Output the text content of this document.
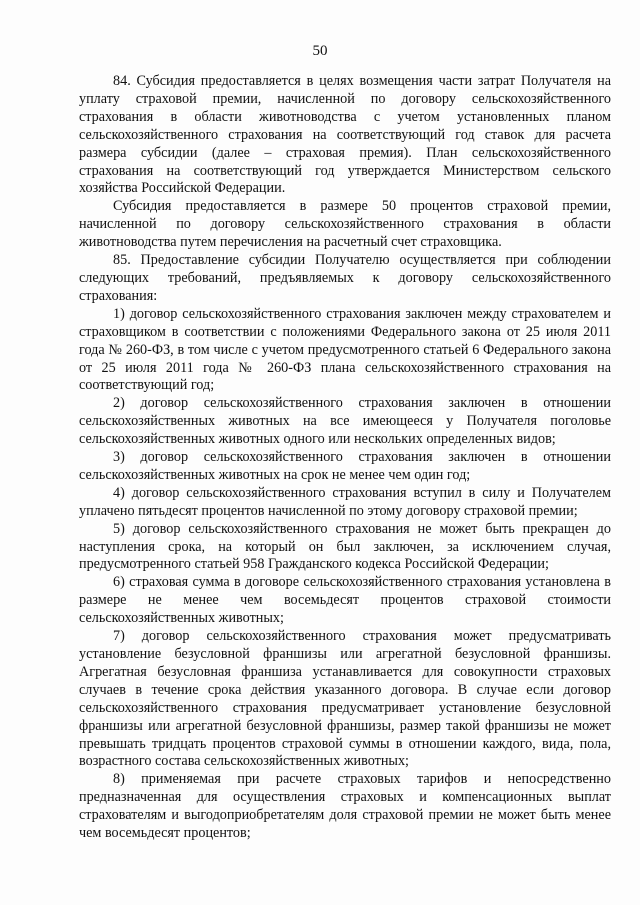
50

84. Субсидия предоставляется в целях возмещения части затрат Получателя на уплату страховой премии, начисленной по договору сельскохозяйственного страхования в области животноводства с учетом установленных планом сельскохозяйственного страхования на соответствующий год ставок для расчета размера субсидии (далее – страховая премия). План сельскохозяйственного страхования на соответствующий год утверждается Министерством сельского хозяйства Российской Федерации.

Субсидия предоставляется в размере 50 процентов страховой премии, начисленной по договору сельскохозяйственного страхования в области животноводства путем перечисления на расчетный счет страховщика.

85. Предоставление субсидии Получателю осуществляется при соблюдении следующих требований, предъявляемых к договору сельскохозяйственного страхования:

1) договор сельскохозяйственного страхования заключен между страхователем и страховщиком в соответствии с положениями Федерального закона от 25 июля 2011 года № 260-ФЗ, в том числе с учетом предусмотренного статьей 6 Федерального закона от 25 июля 2011 года № 260-ФЗ плана сельскохозяйственного страхования на соответствующий год;

2) договор сельскохозяйственного страхования заключен в отношении сельскохозяйственных животных на все имеющееся у Получателя поголовье сельскохозяйственных животных одного или нескольких определенных видов;

3) договор сельскохозяйственного страхования заключен в отношении сельскохозяйственных животных на срок не менее чем один год;

4) договор сельскохозяйственного страхования вступил в силу и Получателем уплачено пятьдесят процентов начисленной по этому договору страховой премии;

5) договор сельскохозяйственного страхования не может быть прекращен до наступления срока, на который он был заключен, за исключением случая, предусмотренного статьей 958 Гражданского кодекса Российской Федерации;

6) страховая сумма в договоре сельскохозяйственного страхования установлена в размере не менее чем восемьдесят процентов страховой стоимости сельскохозяйственных животных;

7) договор сельскохозяйственного страхования может предусматривать установление безусловной франшизы или агрегатной безусловной франшизы. Агрегатная безусловная франшиза устанавливается для совокупности страховых случаев в течение срока действия указанного договора. В случае если договор сельскохозяйственного страхования предусматривает установление безусловной франшизы или агрегатной безусловной франшизы, размер такой франшизы не может превышать тридцать процентов страховой суммы в отношении каждого, вида, пола, возрастного состава сельскохозяйственных животных;

8) применяемая при расчете страховых тарифов и непосредственно предназначенная для осуществления страховых и компенсационных выплат страхователям и выгодоприобретателям доля страховой премии не может быть менее чем восемьдесят процентов;
